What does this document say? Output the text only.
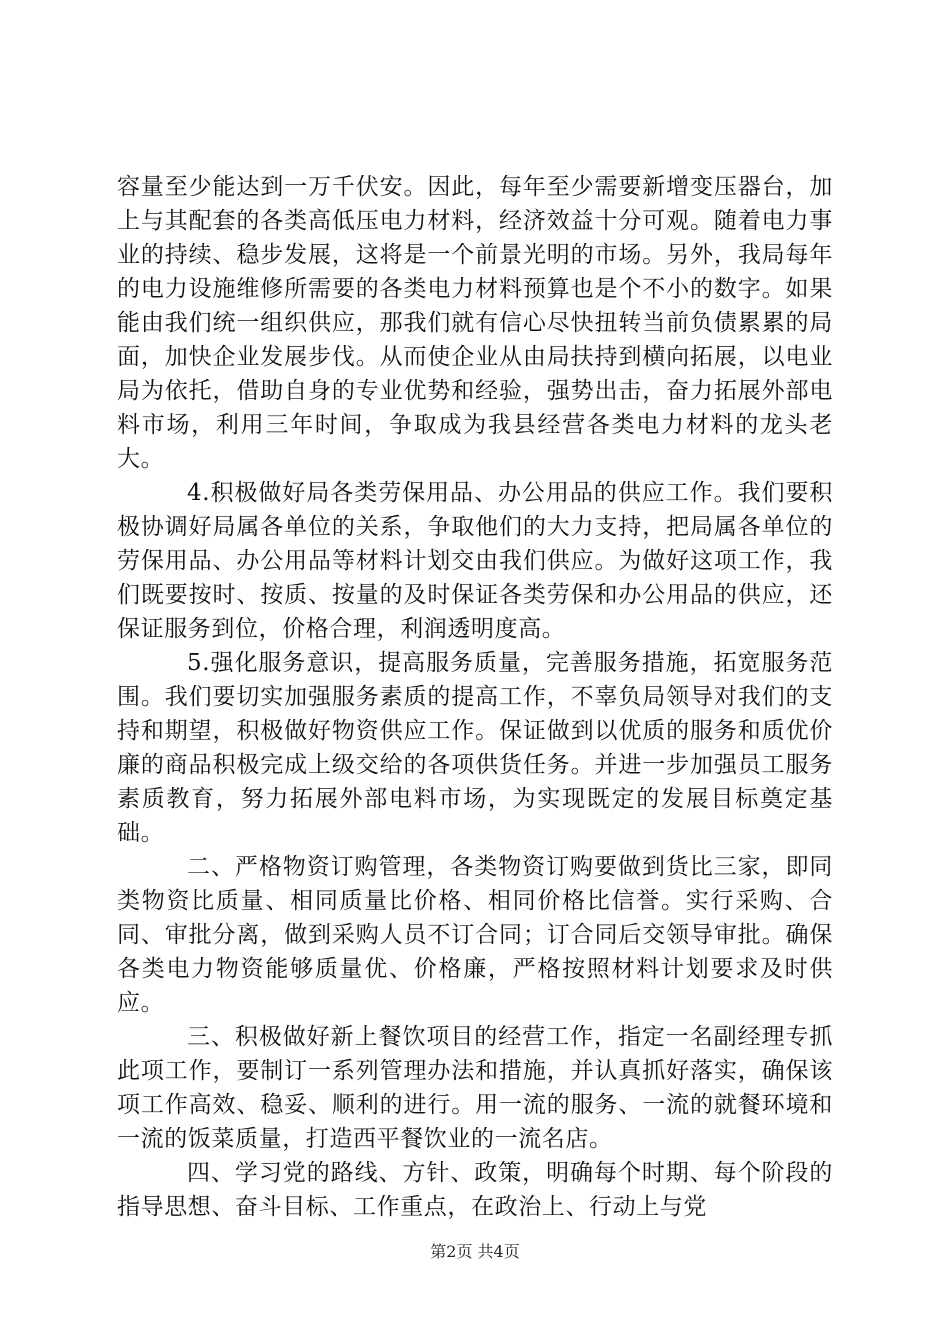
容量至少能达到一万千伏安。因此，每年至少需要新增变压器台，加上与其配套的各类高低压电力材料，经济效益十分可观。随着电力事业的持续、稳步发展，这将是一个前景光明的市场。另外，我局每年的电力设施维修所需要的各类电力材料预算也是个不小的数字。如果能由我们统一组织供应，那我们就有信心尽快扭转当前负债累累的局面，加快企业发展步伐。从而使企业从由局扶持到横向拓展，以电业局为依托，借助自身的专业优势和经验，强势出击，奋力拓展外部电料市场，利用三年时间，争取成为我县经营各类电力材料的龙头老大。

4.积极做好局各类劳保用品、办公用品的供应工作。我们要积极协调好局属各单位的关系，争取他们的大力支持，把局属各单位的劳保用品、办公用品等材料计划交由我们供应。为做好这项工作，我们既要按时、按质、按量的及时保证各类劳保和办公用品的供应，还保证服务到位，价格合理，利润透明度高。

5.强化服务意识，提高服务质量，完善服务措施，拓宽服务范围。我们要切实加强服务素质的提高工作，不辜负局领导对我们的支持和期望，积极做好物资供应工作。保证做到以优质的服务和质优价廉的商品积极完成上级交给的各项供货任务。并进一步加强员工服务素质教育，努力拓展外部电料市场，为实现既定的发展目标奠定基础。

二、严格物资订购管理，各类物资订购要做到货比三家，即同类物资比质量、相同质量比价格、相同价格比信誉。实行采购、合同、审批分离，做到采购人员不订合同；订合同后交领导审批。确保各类电力物资能够质量优、价格廉，严格按照材料计划要求及时供应。

三、积极做好新上餐饮项目的经营工作，指定一名副经理专抓此项工作，要制订一系列管理办法和措施，并认真抓好落实，确保该项工作高效、稳妥、顺利的进行。用一流的服务、一流的就餐环境和一流的饭菜质量，打造西平餐饮业的一流名店。

四、学习党的路线、方针、政策，明确每个时期、每个阶段的指导思想、奋斗目标、工作重点，在政治上、行动上与党

第2页 共4页
